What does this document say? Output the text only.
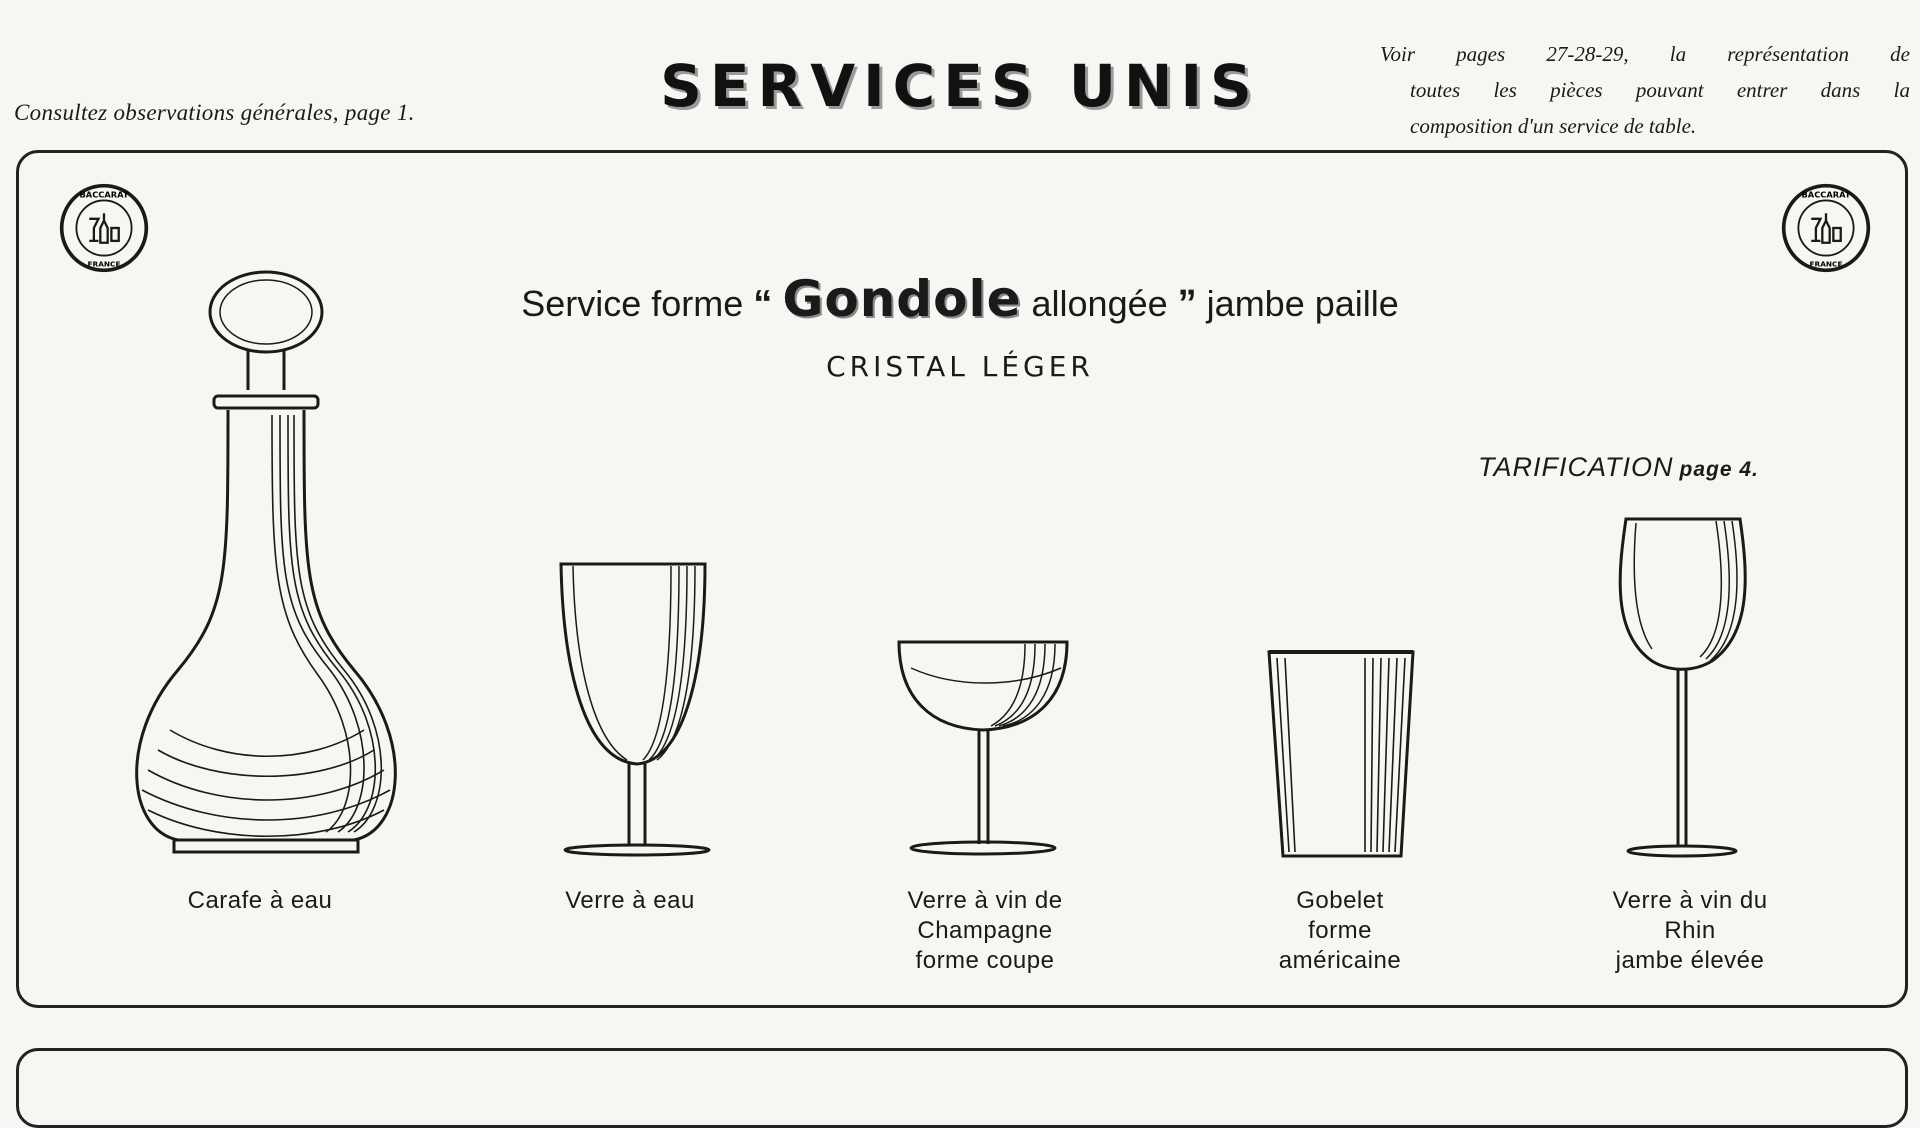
Consultez observations générales, page 1.	SERVICES UNIS	Voir pages 27-28-29, la représentation de
toutes les pièces pouvant entrer dans la
composition d'un service de table.
BACCARAT
FRANCE
BACCARAT
FRANCE
Service forme “ Gondole allongée ” jambe paille
CRISTAL LÉGER
TARIFICATION page 4.
Carafe à eau	Verre à eau	Verre à vin de
Champagne
forme coupe
Gobelet
forme
américaine
Verre à vin du
Rhin
jambe élevée
